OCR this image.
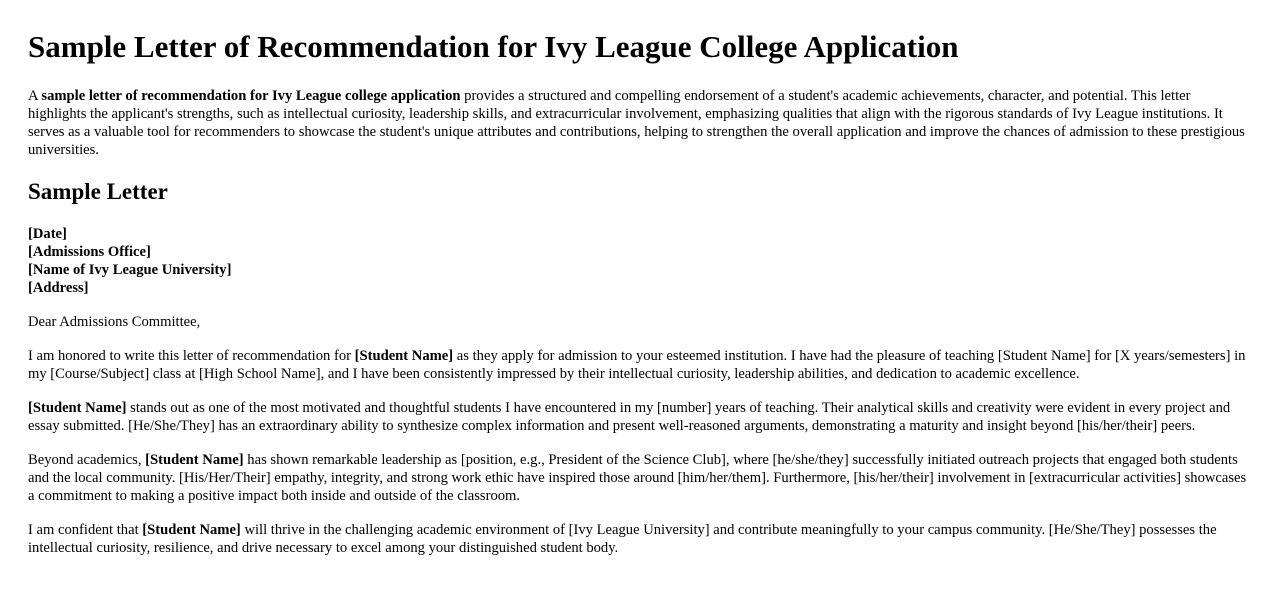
Sample Letter of Recommendation for Ivy League College Application

A sample letter of recommendation for Ivy League college application provides a structured and compelling endorsement of a student's academic achievements, character, and potential. This letter highlights the applicant's strengths, such as intellectual curiosity, leadership skills, and extracurricular involvement, emphasizing qualities that align with the rigorous standards of Ivy League institutions. It serves as a valuable tool for recommenders to showcase the student's unique attributes and contributions, helping to strengthen the overall application and improve the chances of admission to these prestigious universities.

Sample Letter
[Date]
[Admissions Office]
[Name of Ivy League University]
[Address]

Dear Admissions Committee,

I am honored to write this letter of recommendation for [Student Name] as they apply for admission to your esteemed institution. I have had the pleasure of teaching [Student Name] for [X years/semesters] in my [Course/Subject] class at [High School Name], and I have been consistently impressed by their intellectual curiosity, leadership abilities, and dedication to academic excellence.

[Student Name] stands out as one of the most motivated and thoughtful students I have encountered in my [number] years of teaching. Their analytical skills and creativity were evident in every project and essay submitted. [He/She/They] has an extraordinary ability to synthesize complex information and present well-reasoned arguments, demonstrating a maturity and insight beyond [his/her/their] peers.

Beyond academics, [Student Name] has shown remarkable leadership as [position, e.g., President of the Science Club], where [he/she/they] successfully initiated outreach projects that engaged both students and the local community. [His/Her/Their] empathy, integrity, and strong work ethic have inspired those around [him/her/them]. Furthermore, [his/her/their] involvement in [extracurricular activities] showcases a commitment to making a positive impact both inside and outside of the classroom.

I am confident that [Student Name] will thrive in the challenging academic environment of [Ivy League University] and contribute meaningfully to your campus community. [He/She/They] possesses the intellectual curiosity, resilience, and drive necessary to excel among your distinguished student body.
